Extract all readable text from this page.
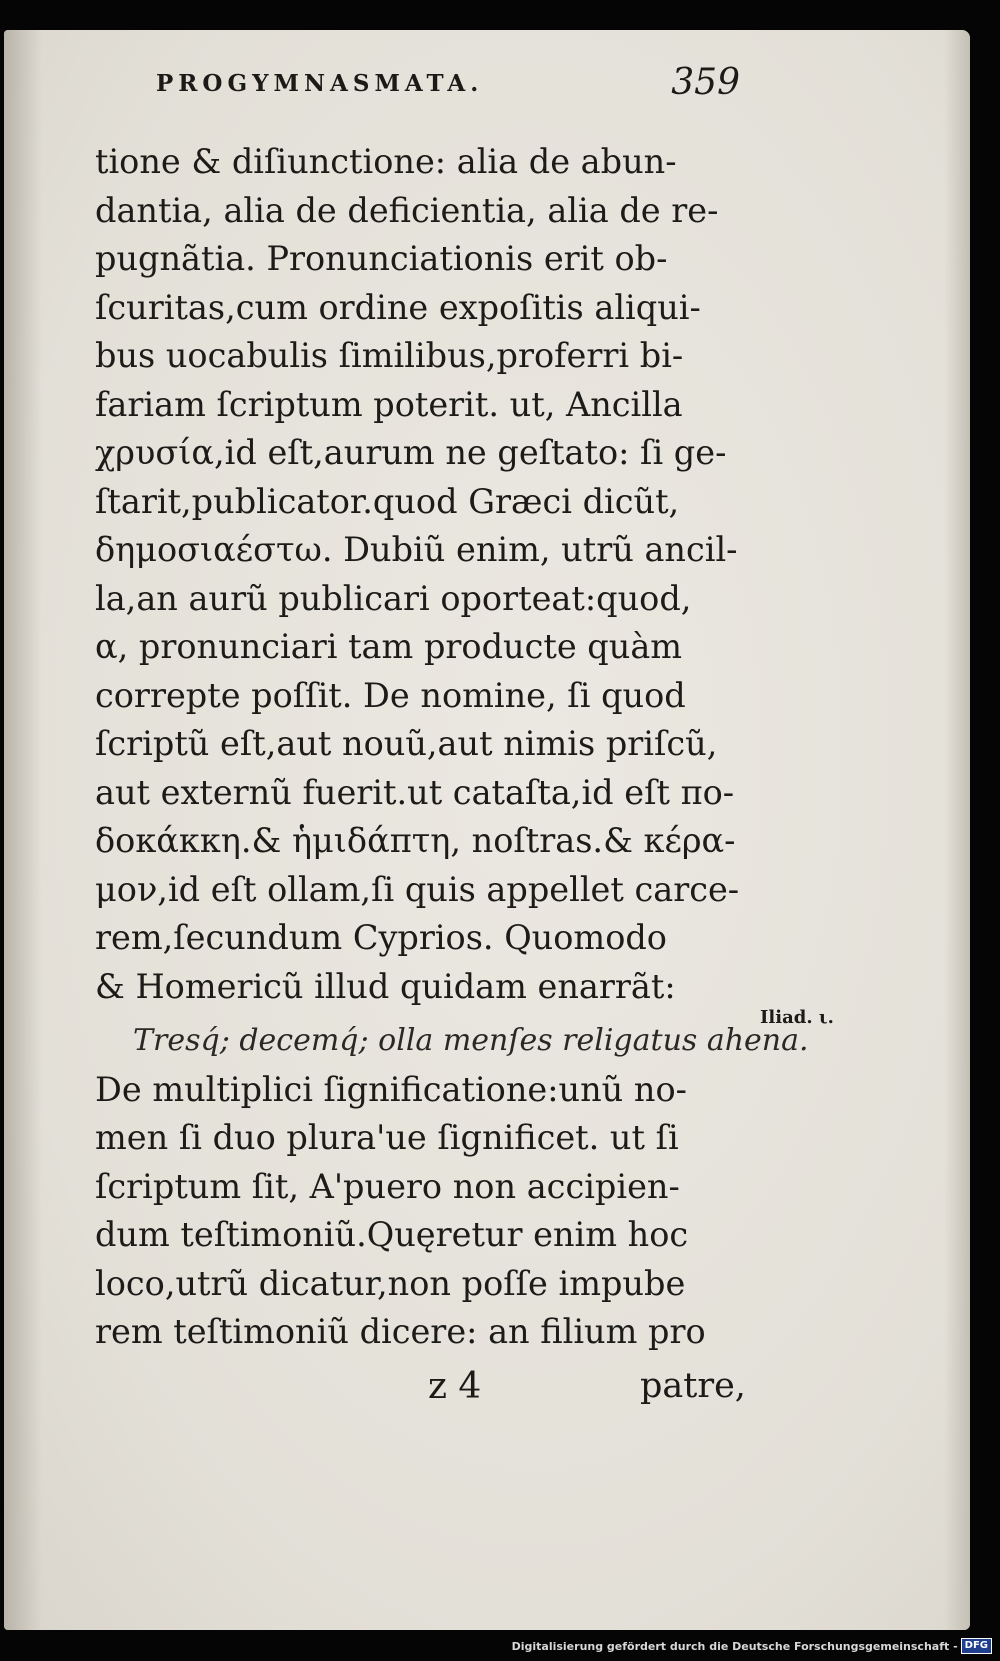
PROGYMNASMATA.	359
tione & diſiunctione: alia de abun-
dantia, alia de deficientia, alia de re-
pugnãtia. Pronunciationis erit ob-
ſcuritas,cum ordine expoſitis aliqui-
bus uocabulis ſimilibus,proferri bi-
fariam ſcriptum poterit. ut, Ancilla
χρυσία,id eſt,aurum ne geſtato: ſi ge-
ſtarit,publicator.quod Græci dicũt,
δημοσιαέστω. Dubiũ enim, utrũ ancil-
la,an aurũ publicari oporteat:quod,
α, pronunciari tam producte quàm
correpte poſſit. De nomine, ſi quod
ſcriptũ eſt,aut nouũ,aut nimis priſcũ,
aut externũ fuerit.ut cataſta,id eſt πο-
δοκάκκη.& ἡμιδάπτη, noſtras.& κέρα-
μον,id eſt ollam,ſi quis appellet carce-
rem,ſecundum Cyprios. Quomodo
& Homericũ illud quidam enarrãt:
Tresq́; decemq́; olla menſes religatus ahena.
De multiplici ſignificatione:unũ no-
men ſi duo plura'ue ſignificet. ut ſi
ſcriptum ſit, A'puero non accipien-
dum teſtimoniũ.Quęretur enim hoc
loco,utrũ dicatur,non poſſe impube
rem teſtimoniũ dicere: an filium pro
Iliad. ι.
z 4	patre,
Digitalisierung gefördert durch die Deutsche Forschungsgemeinschaft - DFG
